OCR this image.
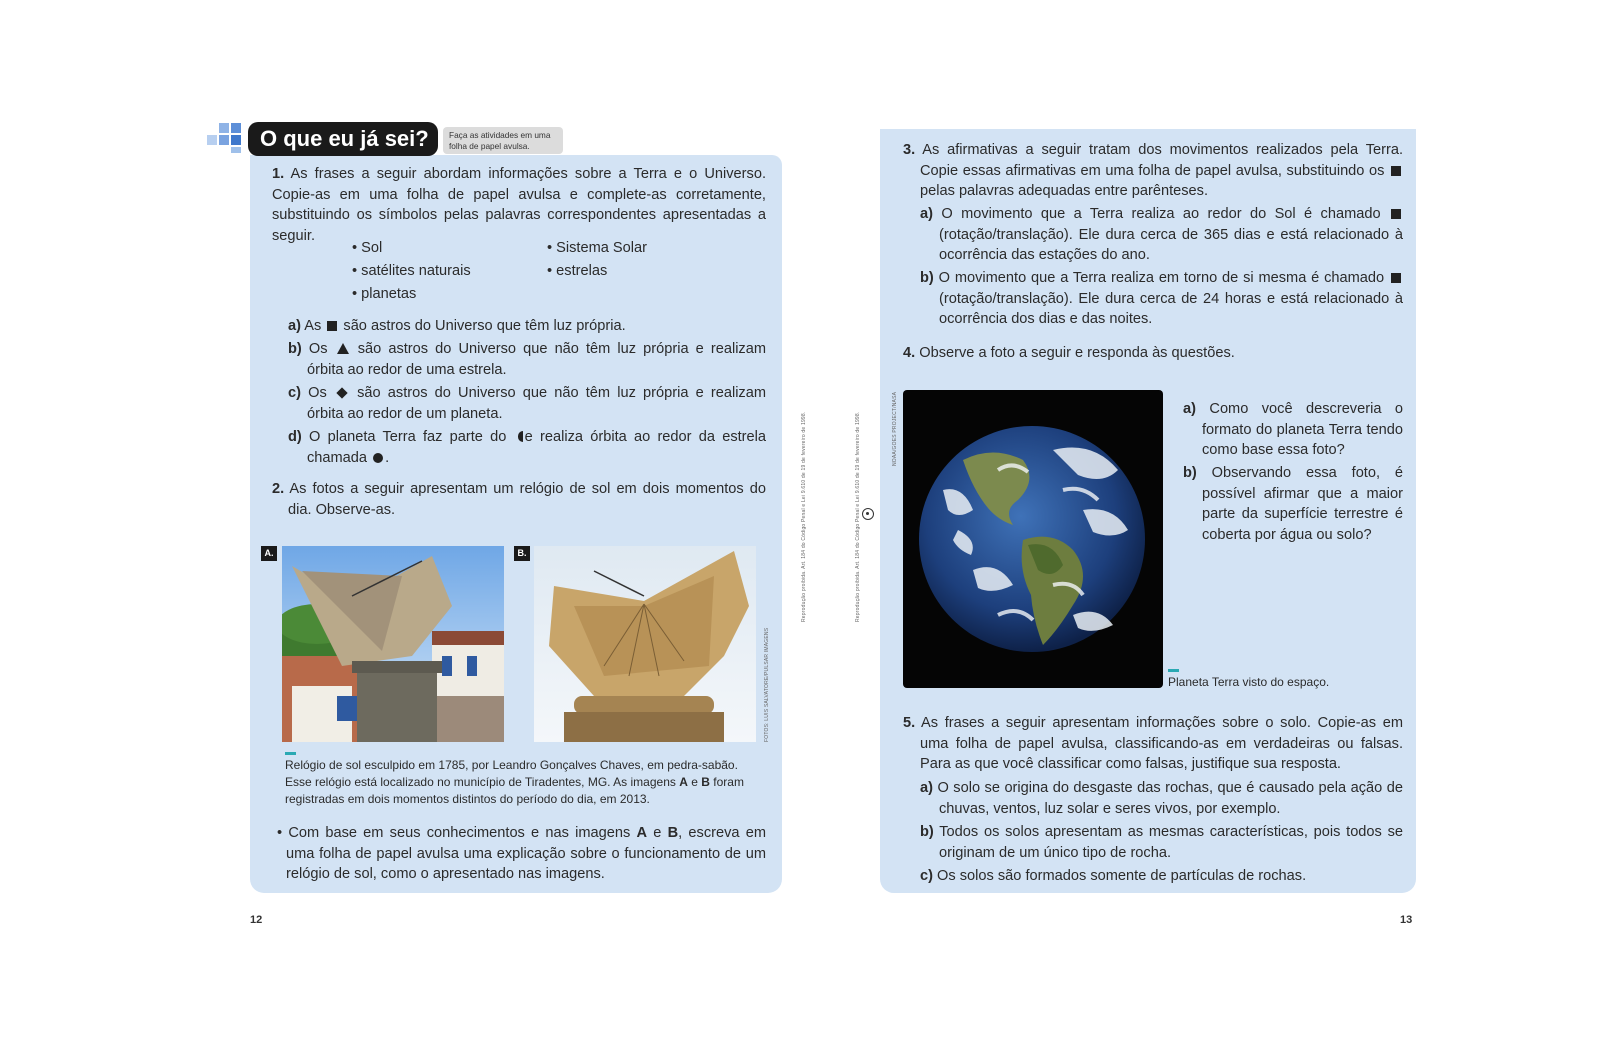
O que eu já sei? Faça as atividades em uma folha de papel avulsa.
1. As frases a seguir abordam informações sobre a Terra e o Universo. Copie-as em uma folha de papel avulsa e complete-as corretamente, substituindo os símbolos pelas palavras correspondentes apresentadas a seguir.
• Sol
• satélites naturais
• planetas
• Sistema Solar
• estrelas
a) As são astros do Universo que têm luz própria.
b) Os são astros do Universo que não têm luz própria e realizam órbita ao redor de uma estrela.
c) Os são astros do Universo que não têm luz própria e realizam órbita ao redor de um planeta.
d) O planeta Terra faz parte do e realiza órbita ao redor da estrela chamada .
2. As fotos a seguir apresentam um relógio de sol em dois momentos do dia. Observe-as.
A.	B.
FOTOS: LUIS SALVATORE/PULSAR IMAGENS
Relógio de sol esculpido em 1785, por Leandro Gonçalves Chaves, em pedra-sabão. Esse relógio está localizado no município de Tiradentes, MG. As imagens A e B foram registradas em dois momentos distintos do período do dia, em 2013.
• Com base em seus conhecimentos e nas imagens A e B, escreva em uma folha de papel avulsa uma explicação sobre o funcionamento de um relógio de sol, como o apresentado nas imagens.
12
Reprodução proibida. Art. 184 do Código Penal e Lei 9.610 de 19 de fevereiro de 1998.	Reprodução proibida. Art. 184 do Código Penal e Lei 9.610 de 19 de fevereiro de 1998.
3. As afirmativas a seguir tratam dos movimentos realizados pela Terra. Copie essas afirmativas em uma folha de papel avulsa, substituindo os  pelas palavras adequadas entre parênteses.
a) O movimento que a Terra realiza ao redor do Sol é chamado  (rotação/translação). Ele dura cerca de 365 dias e está relacionado à ocorrência das estações do ano.
b) O movimento que a Terra realiza em torno de si mesma é chamado  (rotação/translação). Ele dura cerca de 24 horas e está relacionado à ocorrência dos dias e das noites.
4. Observe a foto a seguir e responda às questões.
NOAA/GOES PROJECT/NASA
Planeta Terra visto do espaço.
a) Como você descreveria o formato do planeta Terra tendo como base essa foto?
b) Observando essa foto, é possível afirmar que a maior parte da superfície terrestre é coberta por água ou solo?
5. As frases a seguir apresentam informações sobre o solo. Copie-as em uma folha de papel avulsa, classificando-as em verdadeiras ou falsas. Para as que você classificar como falsas, justifique sua resposta.
a) O solo se origina do desgaste das rochas, que é causado pela ação de chuvas, ventos, luz solar e seres vivos, por exemplo.
b) Todos os solos apresentam as mesmas características, pois todos se originam de um único tipo de rocha.
c) Os solos são formados somente de partículas de rochas.
13
